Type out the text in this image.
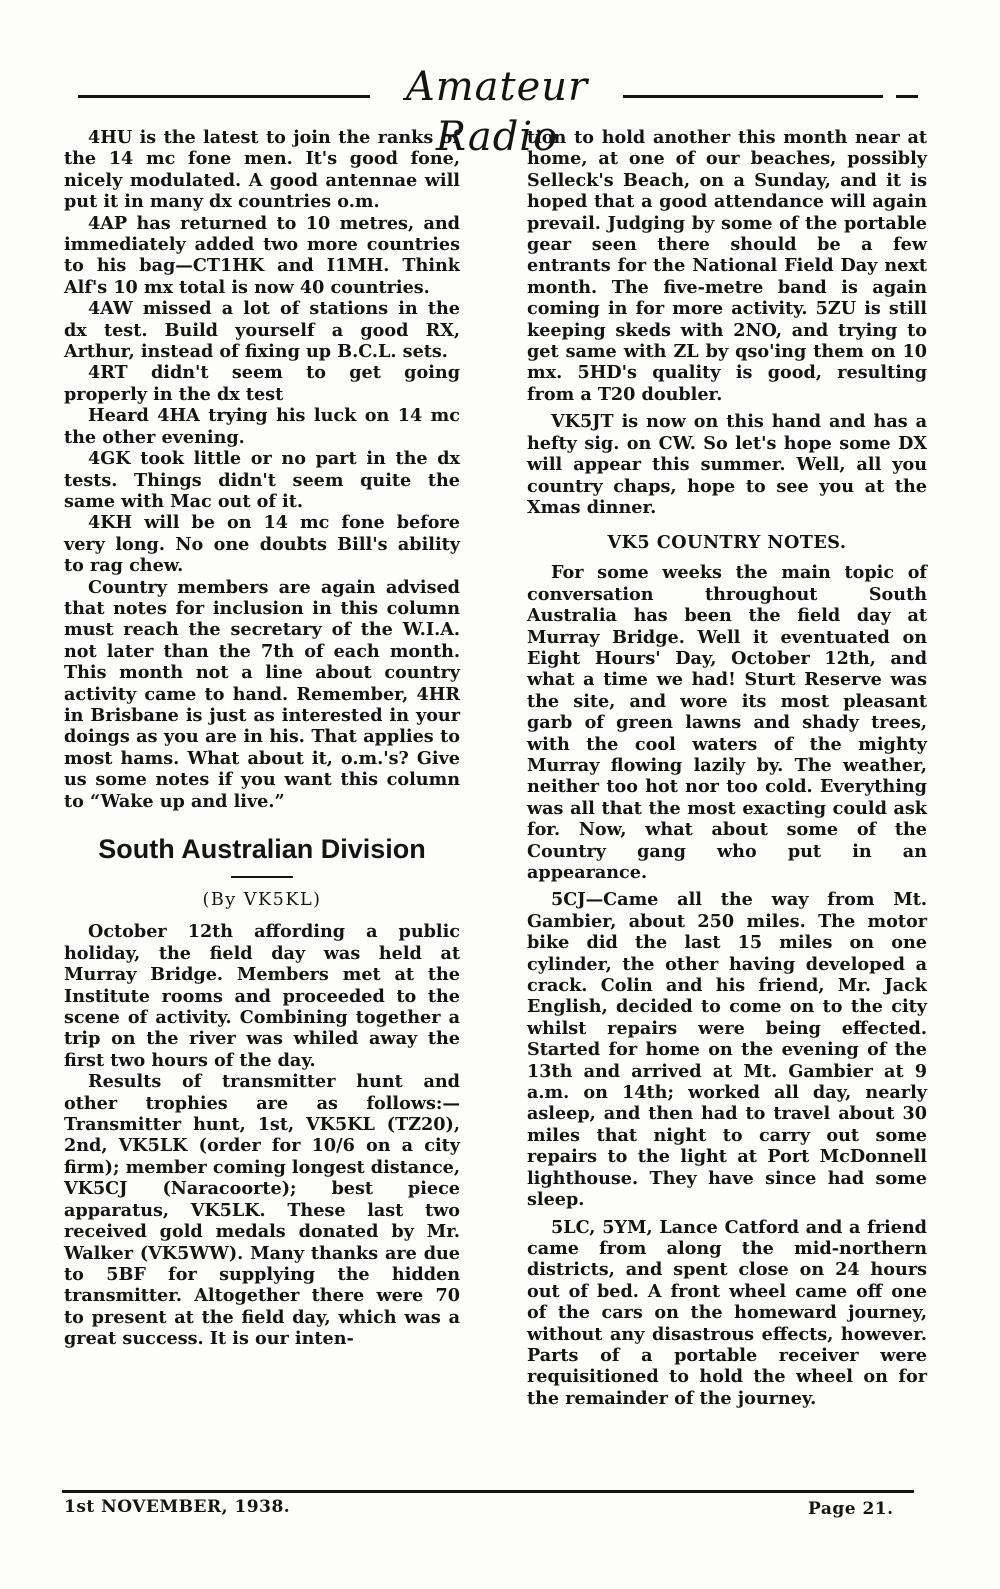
Amateur Radio

4HU is the latest to join the ranks of the 14 mc fone men. It's good fone, nicely modulated. A good antennae will put it in many dx countries o.m.

4AP has returned to 10 metres, and immediately added two more countries to his bag—CT1HK and I1MH. Think Alf's 10 mx total is now 40 countries.

4AW missed a lot of stations in the dx test. Build yourself a good RX, Arthur, instead of fixing up B.C.L. sets.

4RT didn't seem to get going properly in the dx test

Heard 4HA trying his luck on 14 mc the other evening.

4GK took little or no part in the dx tests. Things didn't seem quite the same with Mac out of it.

4KH will be on 14 mc fone before very long. No one doubts Bill's ability to rag chew.

Country members are again advised that notes for inclusion in this column must reach the secretary of the W.I.A. not later than the 7th of each month. This month not a line about country activity came to hand. Remember, 4HR in Brisbane is just as interested in your doings as you are in his. That applies to most hams. What about it, o.m.'s? Give us some notes if you want this column to “Wake up and live.”

South Australian Division
(By VK5KL)

October 12th affording a public holiday, the field day was held at Murray Bridge. Members met at the Institute rooms and proceeded to the scene of activity. Combining together a trip on the river was whiled away the first two hours of the day.

Results of transmitter hunt and other trophies are as follows:— Transmitter hunt, 1st, VK5KL (TZ20), 2nd, VK5LK (order for 10/6 on a city firm); member coming longest distance, VK5CJ (Naracoorte); best piece apparatus, VK5LK. These last two received gold medals donated by Mr. Walker (VK5WW). Many thanks are due to 5BF for supplying the hidden transmitter. Altogether there were 70 to present at the field day, which was a great success. It is our inten-

tion to hold another this month near at home, at one of our beaches, possibly Selleck's Beach, on a Sunday, and it is hoped that a good attendance will again prevail. Judging by some of the portable gear seen there should be a few entrants for the National Field Day next month. The five-metre band is again coming in for more activity. 5ZU is still keeping skeds with 2NO, and trying to get same with ZL by qso'ing them on 10 mx. 5HD's quality is good, resulting from a T20 doubler.

VK5JT is now on this hand and has a hefty sig. on CW. So let's hope some DX will appear this summer. Well, all you country chaps, hope to see you at the Xmas dinner.

VK5 COUNTRY NOTES.

For some weeks the main topic of conversation throughout South Australia has been the field day at Murray Bridge. Well it eventuated on Eight Hours' Day, October 12th, and what a time we had! Sturt Reserve was the site, and wore its most pleasant garb of green lawns and shady trees, with the cool waters of the mighty Murray flowing lazily by. The weather, neither too hot nor too cold. Everything was all that the most exacting could ask for. Now, what about some of the Country gang who put in an appearance.

5CJ—Came all the way from Mt. Gambier, about 250 miles. The motor bike did the last 15 miles on one cylinder, the other having developed a crack. Colin and his friend, Mr. Jack English, decided to come on to the city whilst repairs were being effected. Started for home on the evening of the 13th and arrived at Mt. Gambier at 9 a.m. on 14th; worked all day, nearly asleep, and then had to travel about 30 miles that night to carry out some repairs to the light at Port McDonnell lighthouse. They have since had some sleep.

5LC, 5YM, Lance Catford and a friend came from along the mid-northern districts, and spent close on 24 hours out of bed. A front wheel came off one of the cars on the homeward journey, without any disastrous effects, however. Parts of a portable receiver were requisitioned to hold the wheel on for the remainder of the journey.

1st NOVEMBER, 1938.	Page 21.
